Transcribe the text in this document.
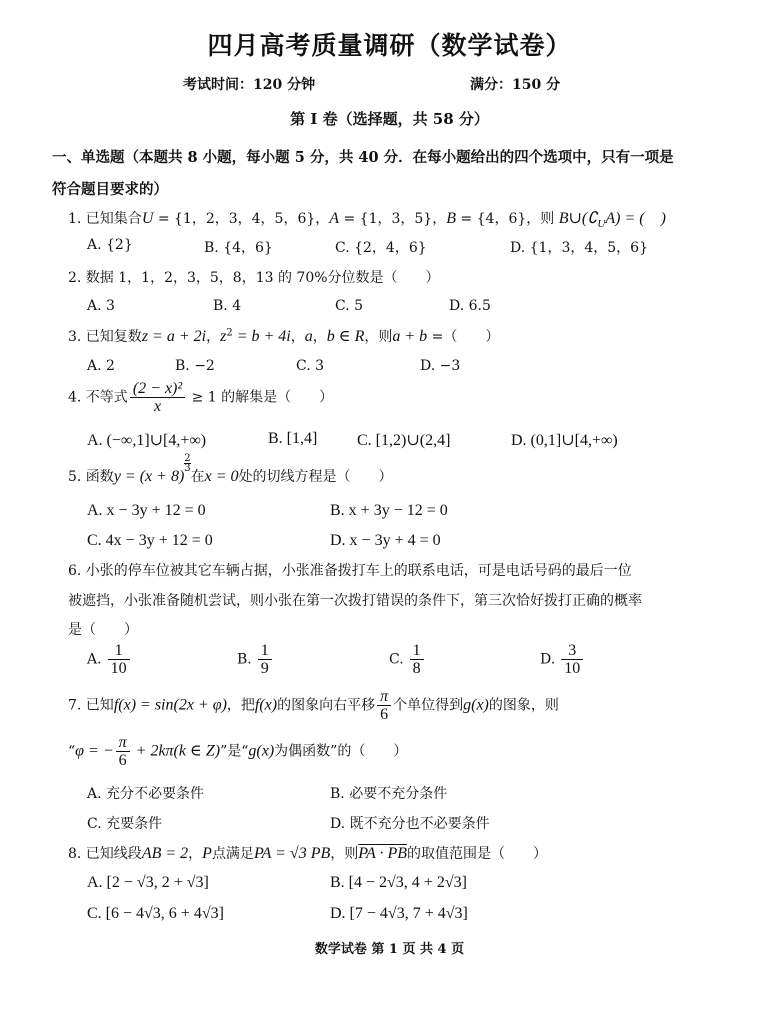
四月高考质量调研（数学试卷）
考试时间：120 分钟	满分：150 分
第 I 卷（选择题，共 58 分）
一、单选题（本题共 8 小题，每小题 5 分，共 40 分．在每小题给出的四个选项中，只有一项是
符合题目要求的）
1. 已知集合U = {1，2，3，4，5，6}，A = {1，3，5}，B = {4，6}，则 $B\cup(∁_UA)$ = (　)
A. {2}	B. {4，6}	C. {2，4，6}	D. {1，3，4，5，6}
2. 数据 1，1，2，3，5，8，13 的 70%分位数是（　　）
A. 3	B. 4	C. 5	D. 6.5
3. 已知复数z = a + 2i，$z^2 = b + 4i$，a，b ∈ R，则a + b =（　　）
A. 2	B. −2	C. 3	D. −3
4. 不等式 $\frac{\text{(2 − x)²}}{x} \ge 1$ 的解集是（　　）
A. (−∞,1]∪[4,+∞)	B. [1,4] C. [1,2)∪(2,4]	D. (0,1]∪[4,+∞)
5. 函数y = (x + 8)
$\frac{2}{3}$
在x = 0处的切线方程是（　　）
A. x − 3y + 12 = 0	B. x + 3y − 12 = 0
C. 4x − 3y + 12 = 0	D. x − 3y + 4 = 0
6. 小张的停车位被其它车辆占据，小张准备拨打车上的联系电话，可是电话号码的最后一位
被遮挡，小张准备随机尝试，则小张在第一次拨打错误的条件下，第三次恰好拨打正确的概率
是（　　）
A. $\frac{1}{10}$	B. $\frac{1}{9}$	C. $\frac{1}{8}$	D. $\frac{3}{10}$
7. 已知f(x) = sin(2x + φ)，把f(x)的图象向右平移 $\frac{\pi}{6}$ 个单位得到g(x)的图象，则
“φ = − $\frac{\pi}{6} + 2k\pi(k$ ∈ Z)”是“g(x)为偶函数”的（　　）
A. 充分不必要条件	B. 必要不充分条件
C. 充要条件	D. 既不充分也不必要条件
8. 已知线段AB = 2，P点满足PA = √3 PB，则PA · PB的取值范围是（　　）
A. [2 − √3, 2 + √3]	B. [4 − 2√3, 4 + 2√3]
C. [6 − 4√3, 6 + 4√3]	D. [7 − 4√3, 7 + 4√3]
数学试卷 第 1 页 共 4 页
